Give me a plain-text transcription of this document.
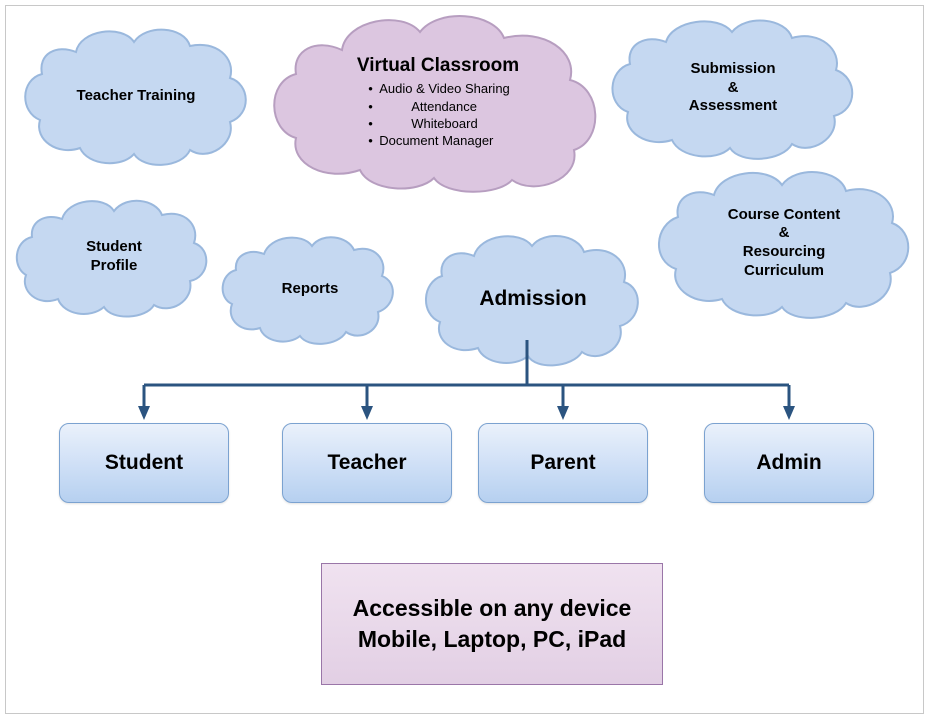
Teacher Training
Virtual Classroom
• Audio & Video Sharing
• Attendance
• Whiteboard
• Document Manager
Submission
&
Assessment
Course Content
&
Resourcing
Curriculum
Student
Profile
Reports	Admission
Student	Teacher	Parent	Admin
Accessible on any device
Mobile, Laptop, PC, iPad
